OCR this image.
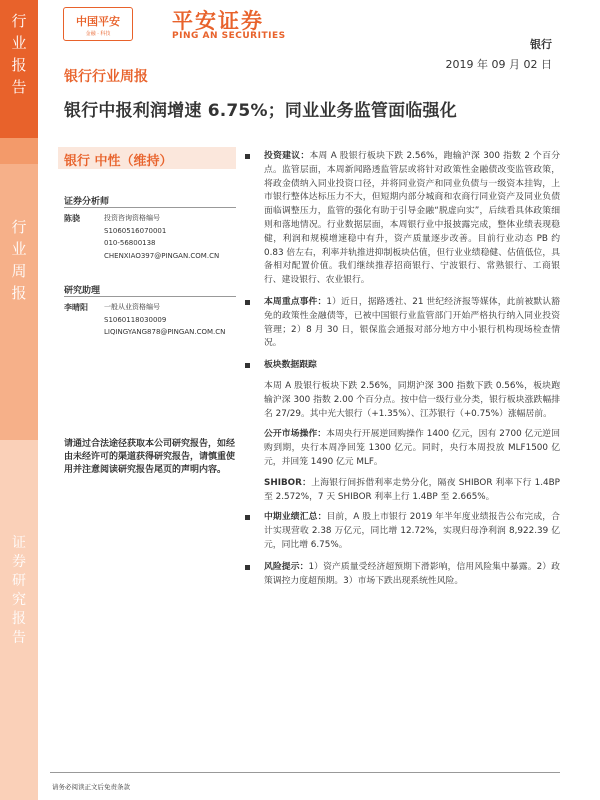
行
业
报
告
行
业
周
报
证
券
研
究
报
告
中国平安
金融 · 科技
平安证券
PING AN SECURITIES
银行
2019 年 09 月 02 日
银行行业周报
银行中报利润增速 6.75%；同业业务监管面临强化
银行 中性（维持）
证券分析师
陈骁	投资咨询资格编号
S1060516070001
010-56800138
CHENXIAO397@PINGAN.COM.CN
研究助理
李晴阳 一般从业资格编号
S1060118030009
LIQINGYANG878@PINGAN.COM.CN
请通过合法途径获取本公司研究报告，如经由未经许可的渠道获得研究报告，请慎重使用并注意阅读研究报告尾页的声明内容。
投资建议：本周 A 股银行板块下跌 2.56%，跑输沪深 300 指数 2 个百分点。监管层面，本周新闻路透监管层或将针对政策性金融债改变监管政策，将政金债纳入同业投资口径，并将同业资产和同业负债与一级资本挂钩，上市银行整体达标压力不大，但短期内部分城商和农商行同业资产及同业负债面临调整压力，监管的强化有助于引导金融“脱虚向实”，后续看具体政策细则和落地情况。行业数据层面，本周银行业中报披露完成，整体业绩表现稳健，利润和规模增速稳中有升，资产质量逐步改善。目前行业动态 PB 约 0.83 倍左右，利率并轨推进抑制板块估值，但行业业绩稳健、估值低位，具备相对配置价值。我们继续推荐招商银行、宁波银行、常熟银行、工商银行、建设银行、农业银行。
本周重点事件：1）近日，据路透社、21 世纪经济报等媒体，此前被默认豁免的政策性金融债等，已被中国银行业监管部门开始严格执行纳入同业投资管理；2）8 月 30 日，银保监会通报对部分地方中小银行机构现场检查情况。
板块数据跟踪
本周 A 股银行板块下跌 2.56%，同期沪深 300 指数下跌 0.56%，板块跑输沪深 300 指数 2.00 个百分点。按中信一级行业分类，银行板块涨跌幅排名 27/29。其中光大银行（+1.35%）、江苏银行（+0.75%）涨幅居前。
公开市场操作：本周央行开展逆回购操作 1400 亿元，因有 2700 亿元逆回购到期，央行本周净回笼 1300 亿元。同时，央行本周投放 MLF1500 亿元，并回笼 1490 亿元 MLF。
SHIBOR：上海银行间拆借利率走势分化，隔夜 SHIBOR 利率下行 1.4BP 至 2.572%，7 天 SHIBOR 利率上行 1.4BP 至 2.665%。
中期业绩汇总：目前，A 股上市银行 2019 年半年度业绩报告公布完成，合计实现营收 2.38 万亿元，同比增 12.72%，实现归母净利润 8,922.39 亿元，同比增 6.75%。
风险提示：1）资产质量受经济超预期下滑影响，信用风险集中暴露。2）政策调控力度超预期。3）市场下跌出现系统性风险。
请务必阅读正文后免责条款
